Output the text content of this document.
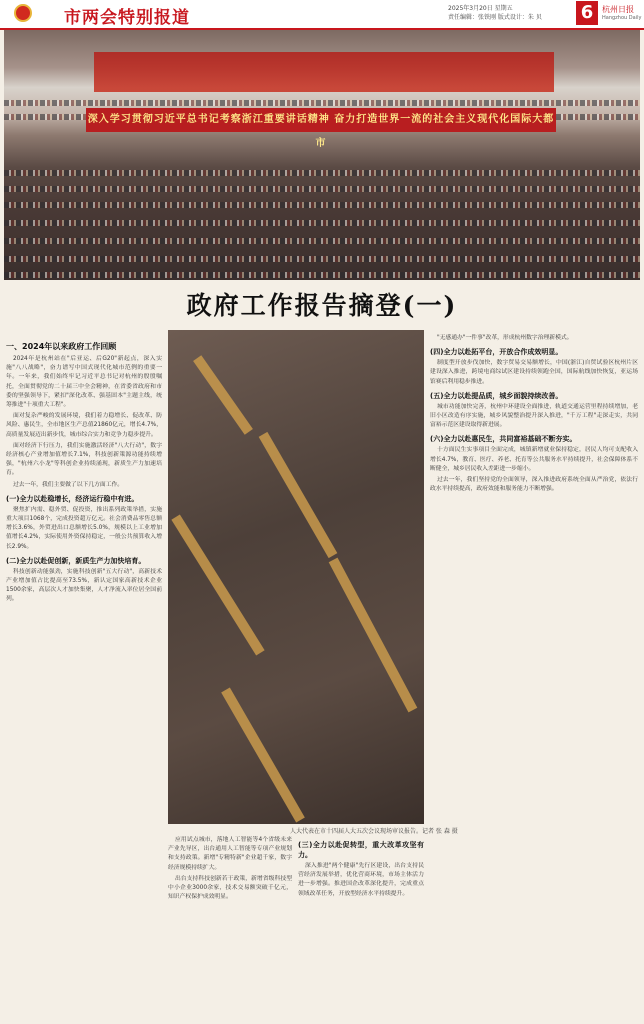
市两会特别报道	2025年3月20日 星期五
责任编辑：张铁刚 版式设计：朱 贝 6	杭州日报
Hangzhou Daily
深入学习贯彻习近平总书记考察浙江重要讲话精神 奋力打造世界一流的社会主义现代化国际大都市
政府工作报告摘登(一)
一、2024年以来政府工作回顾

2024年是杭州站在"后亚运、后G20"新起点，深入实施"八八战略"，奋力谱写中国式现代化城市范例的重要一年。一年来，我们始终牢记习近平总书记对杭州的殷殷嘱托，全面贯彻党的二十届三中全会精神，在省委省政府和市委的坚强领导下，紧扣"深化改革、强基固本"主题主线，统筹推进"十项重大工程"。

面对复杂严峻的发展环境，我们着力稳增长、促改革、防风险、惠民生，全市地区生产总值21860亿元，增长4.7%，高质量发展迈出新步伐，城市综合实力和竞争力稳步提升。

面对经济下行压力，我们实施激活经济"八大行动"，数字经济核心产业增加值增长7.1%，科技创新策源功能持续增强，"杭州六小龙"等科创企业持续涌现，新质生产力加速培育。

过去一年，我们主要做了以下几方面工作。

(一)全力以赴稳增长，经济运行稳中有进。

聚焦扩内需、稳外贸、促投资，推出系列政策举措，实施重大项目1068个，完成投资超万亿元。社会消费品零售总额增长3.6%，外贸进出口总额增长5.0%，规模以上工业增加值增长4.2%，实际使用外资保持稳定，一般公共预算收入增长2.9%。

(二)全力以赴促创新，新质生产力加快培育。

科技创新动能强劲，实施科技创新"五大行动"，高新技术产业增加值占比提高至73.5%，新认定国家高新技术企业1500余家，高层次人才加快集聚，人才净流入率位居全国前列。

人大代表在市十四届人大五次会议现场审议报告。记者 张 森 摄

应用试点城市，落地人工智能等4个省级未来产业先导区，出台通用人工智能等专项产业规划和支持政策。新增"专精特新"企业超千家，数字经济规模持续扩大。

出台支持科技创新若干政策，新增省级科技型中小企业3000余家，技术交易额突破千亿元，知识产权保护成效明显。

(三)全力以赴促转型，重大改革攻坚有力。

深入推进"两个健康"先行区建设，出台支持民营经济发展举措，优化营商环境，市场主体活力进一步增强。推进国企改革深化提升，完成重点领域改革任务，开放型经济水平持续提升。

"无感通办"一件事"改革，形成杭州数字治理新模式。

(四)全力以赴拓平台，开放合作成效明显。

制度型开放步伐加快，数字贸易交易额增长，中国(浙江)自贸试验区杭州片区建设深入推进，跨境电商综试区建设持续领跑全国，国际航线加快恢复，亚运场馆赛后利用稳步推进。

(五)全力以赴提品质，城乡面貌持续改善。

城市功能加快完善，杭州中环建设全面推进，轨道交通运营里程持续增加，老旧小区改造有序实施，城乡风貌整治提升深入推进，"千万工程"走深走实，共同富裕示范区建设取得新进展。

(六)全力以赴惠民生，共同富裕基础不断夯实。

十方面民生实事项目全面完成，城镇新增就业保持稳定，居民人均可支配收入增长4.7%，教育、医疗、养老、托育等公共服务水平持续提升，社会保障体系不断健全，城乡居民收入差距进一步缩小。

过去一年，我们坚持党的全面领导，深入推进政府系统全面从严治党，依法行政水平持续提高，政府效能和服务能力不断增强。
